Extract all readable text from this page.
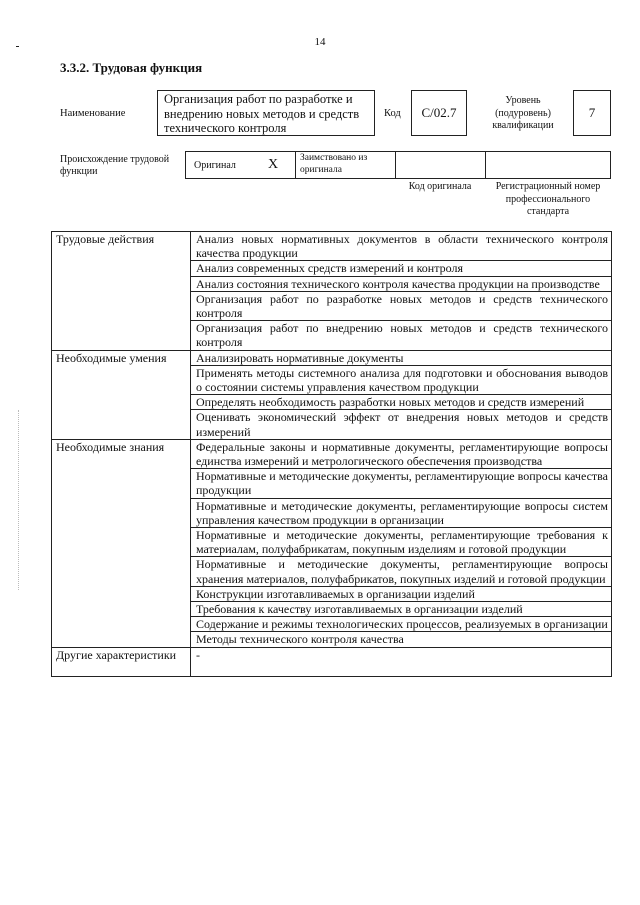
14
3.3.2. Трудовая функция
Наименование
Организация работ по разработке и внедрению новых методов и средств технического контроля
Код C/02.7
Уровень (подуровень) квалификации
7
Происхождение трудовой функции
Оригинал X Заимствовано из оригинала
Код оригинала	Регистрационный номер профессионального стандарта
Трудовые действия	Анализ новых нормативных документов в области технического контроля качества продукции
	Анализ современных средств измерений и контроля
	Анализ состояния технического контроля качества продукции на производстве
	Организация работ по разработке новых методов и средств технического контроля
	Организация работ по внедрению новых методов и средств технического контроля
Необходимые умения	Анализировать нормативные документы
	Применять методы системного анализа для подготовки и обоснования выводов о состоянии системы управления качеством продукции
	Определять необходимость разработки новых методов и средств измерений
	Оценивать экономический эффект от внедрения новых методов и средств измерений
Необходимые знания	Федеральные законы и нормативные документы, регламентирующие вопросы единства измерений и метрологического обеспечения производства
	Нормативные и методические документы, регламентирующие вопросы качества продукции
	Нормативные и методические документы, регламентирующие вопросы систем управления качеством продукции в организации
	Нормативные и методические документы, регламентирующие требования к материалам, полуфабрикатам, покупным изделиям и готовой продукции
	Нормативные и методические документы, регламентирующие вопросы хранения материалов, полуфабрикатов, покупных изделий и готовой продукции
	Конструкции изготавливаемых в организации изделий
	Требования к качеству изготавливаемых в организации изделий
	Содержание и режимы технологических процессов, реализуемых в организации
	Методы технического контроля качества
Другие характеристики	-
